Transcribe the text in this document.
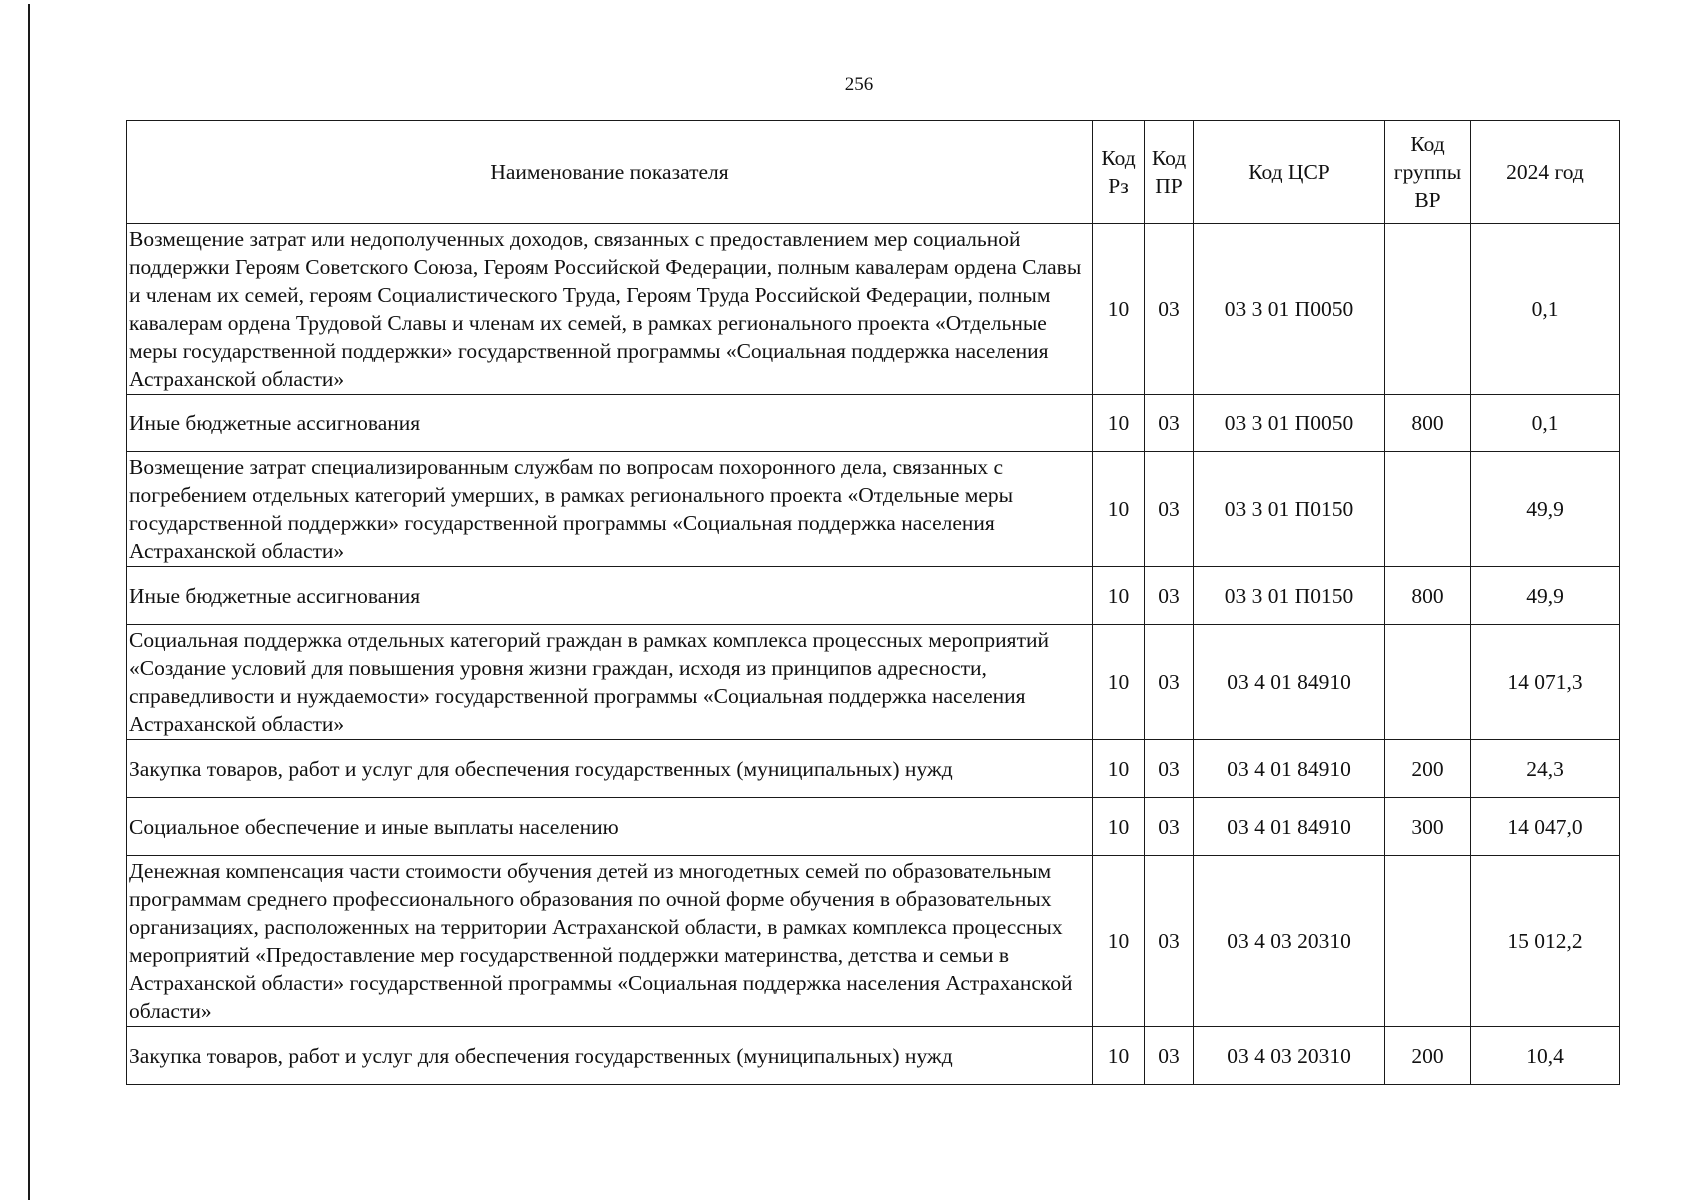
256
Наименование показателя	Код Рз	Код ПР	Код ЦСР	Код группы ВР	2024 год
Возмещение затрат или недополученных доходов, связанных с предоставлением мер социальной поддержки Героям Советского Союза, Героям Российской Федерации, полным кавалерам ордена Славы и членам их семей, героям Социалистического Труда, Героям Труда Российской Федерации, полным кавалерам ордена Трудовой Славы и членам их семей, в рамках регионального проекта «Отдельные меры государственной поддержки» государственной программы «Социальная поддержка населения Астраханской области»	10	03	03 3 01 П0050		0,1
Иные бюджетные ассигнования	10	03	03 3 01 П0050	800	0,1
Возмещение затрат специализированным службам по вопросам похоронного дела, связанных с погребением отдельных категорий умерших, в рамках регионального проекта «Отдельные меры государственной поддержки» государственной программы «Социальная поддержка населения Астраханской области»	10	03	03 3 01 П0150		49,9
Иные бюджетные ассигнования	10	03	03 3 01 П0150	800	49,9
Социальная поддержка отдельных категорий граждан в рамках комплекса процессных мероприятий «Создание условий для повышения уровня жизни граждан, исходя из принципов адресности, справедливости и нуждаемости» государственной программы «Социальная поддержка населения Астраханской области»	10	03	03 4 01 84910		14 071,3
Закупка товаров, работ и услуг для обеспечения государственных (муниципальных) нужд	10	03	03 4 01 84910	200	24,3
Социальное обеспечение и иные выплаты населению	10	03	03 4 01 84910	300	14 047,0
Денежная компенсация части стоимости обучения детей из многодетных семей по образовательным программам среднего профессионального образования по очной форме обучения в образовательных организациях, расположенных на территории Астраханской области, в рамках комплекса процессных мероприятий «Предоставление мер государственной поддержки материнства, детства и семьи в Астраханской области» государственной программы «Социальная поддержка населения Астраханской области»	10	03	03 4 03 20310		15 012,2
Закупка товаров, работ и услуг для обеспечения государственных (муниципальных) нужд	10	03	03 4 03 20310	200	10,4
